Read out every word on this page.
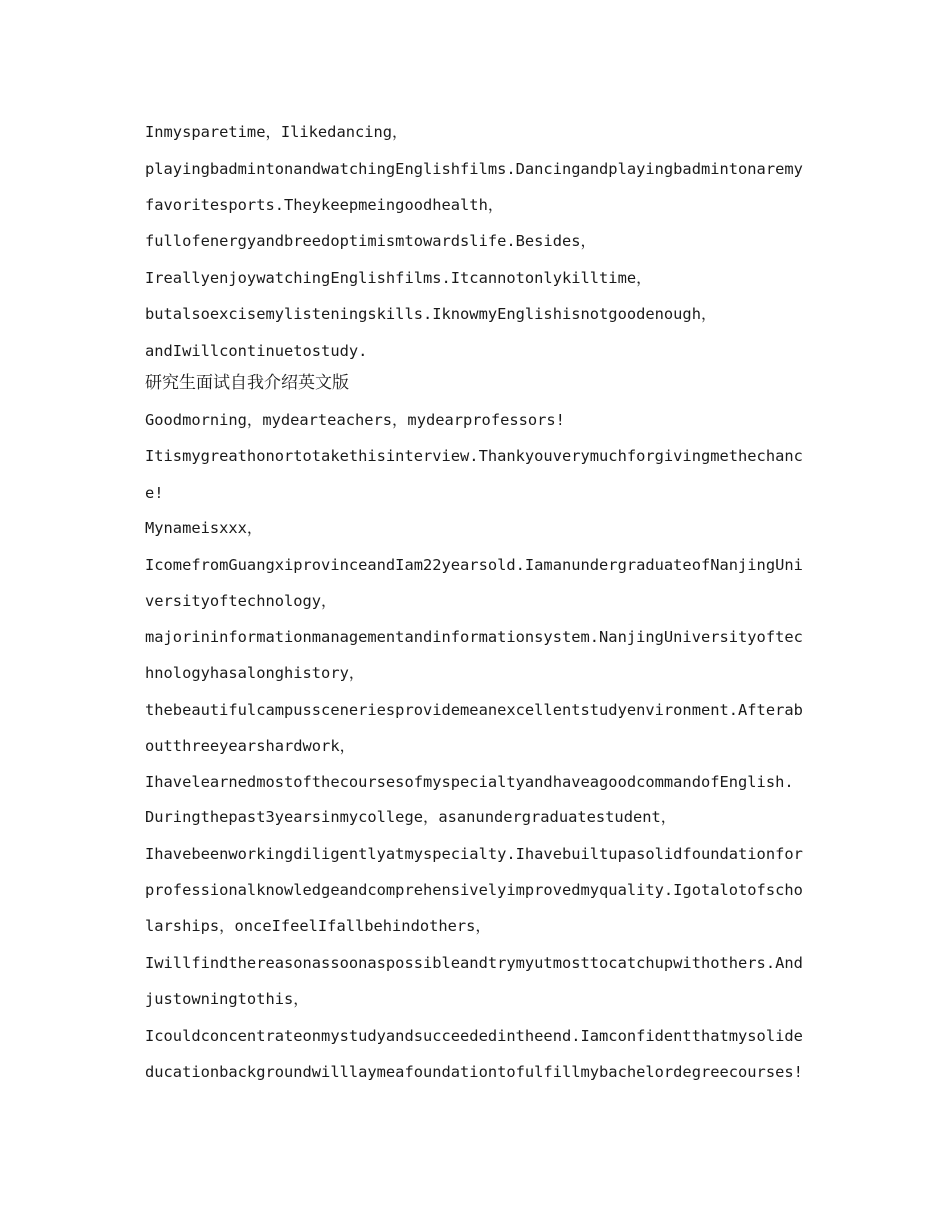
Inmysparetime，Ilikedancing，

playingbadmintonandwatchingEnglishfilms.Dancingandplayingbadmintonaremy

favoritesports.Theykeepmeingoodhealth，

fullofenergyandbreedoptimismtowardslife.Besides，

IreallyenjoywatchingEnglishfilms.Itcannotonlykilltime，

butalsoexcisemylisteningskills.IknowmyEnglishisnotgoodenough，

andIwillcontinuetostudy.

研究生面试自我介绍英文版

Goodmorning，mydearteachers，mydearprofessors!

Itismygreathonortotakethisinterview.Thankyouverymuchforgivingmethechanc

e!

Mynameisxxx，

IcomefromGuangxiprovinceandIam22yearsold.IamanundergraduateofNanjingUni

versityoftechnology，

majorininformationmanagementandinformationsystem.NanjingUniversityoftec

hnologyhasalonghistory，

thebeautifulcampussceneriesprovidemeanexcellentstudyenvironment.Afterab

outthreeyearshardwork，

IhavelearnedmostofthecoursesofmyspecialtyandhaveagoodcommandofEnglish.

Duringthepast3yearsinmycollege，asanundergraduatestudent，

Ihavebeenworkingdiligentlyatmyspecialty.Ihavebuiltupasolidfoundationfor

professionalknowledgeandcomprehensivelyimprovedmyquality.Igotalotofscho

larships，onceIfeelIfallbehindothers，

Iwillfindthereasonassoonaspossibleandtrymyutmosttocatchupwithothers.And

justowningtothis，

Icouldconcentrateonmystudyandsucceededintheend.Iamconfidentthatmysolide

ducationbackgroundwilllaymeafoundationtofulfillmybachelordegreecourses!
